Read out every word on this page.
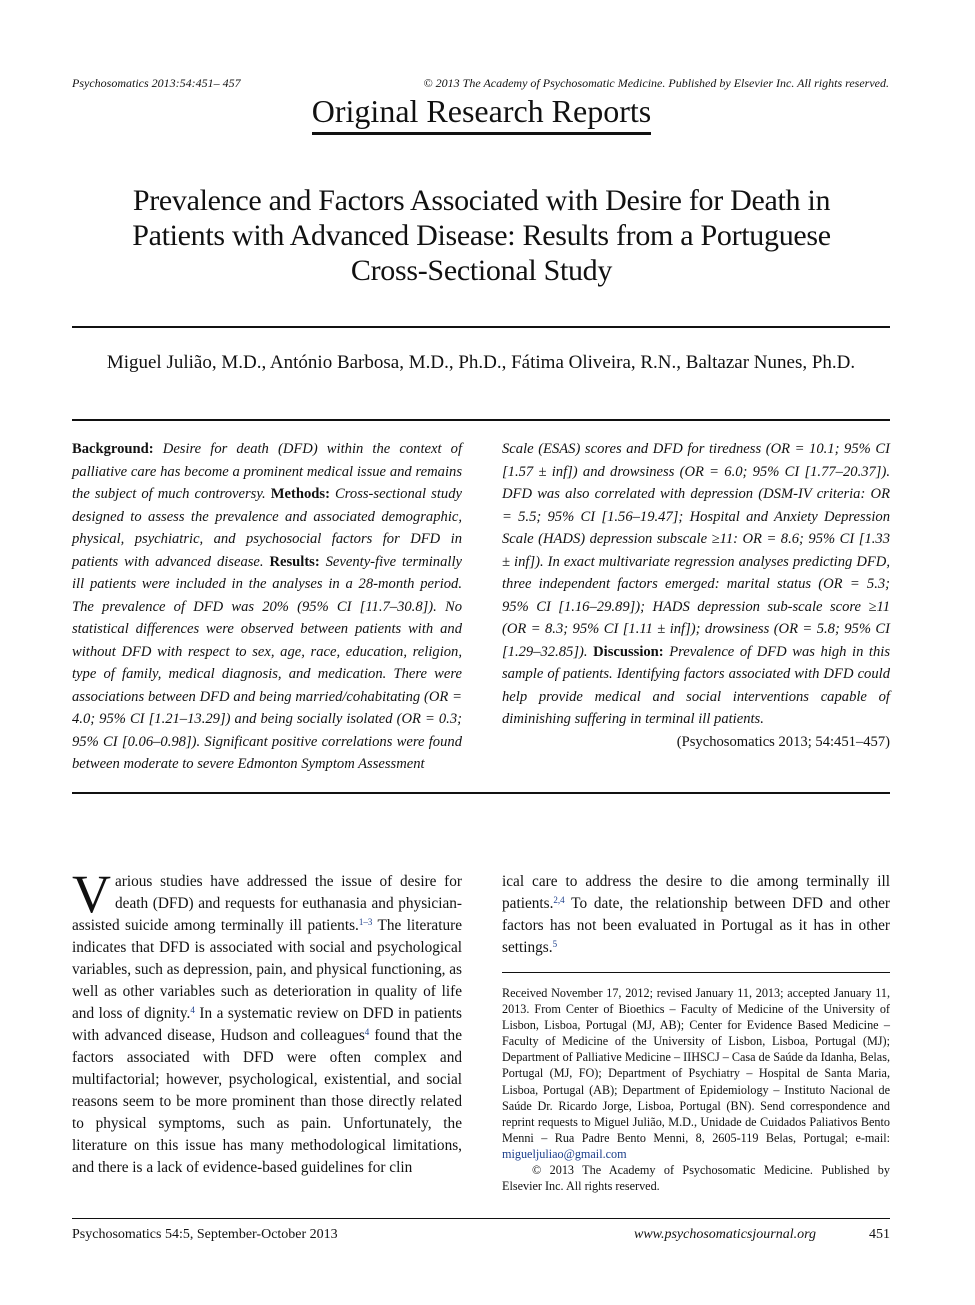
Psychosomatics 2013:54:451– 457	© 2013 The Academy of Psychosomatic Medicine. Published by Elsevier Inc. All rights reserved.
Original Research Reports
Prevalence and Factors Associated with Desire for Death in Patients with Advanced Disease: Results from a Portuguese Cross-Sectional Study
Miguel Julião, M.D., António Barbosa, M.D., Ph.D., Fátima Oliveira, R.N., Baltazar Nunes, Ph.D.
Background: Desire for death (DFD) within the context of palliative care has become a prominent medical issue and remains the subject of much controversy. Methods: Cross-sectional study designed to assess the prevalence and associated demographic, physical, psychiatric, and psychosocial factors for DFD in patients with advanced disease. Results: Seventy-five terminally ill patients were included in the analyses in a 28-month period. The prevalence of DFD was 20% (95% CI [11.7–30.8]). No statistical differences were observed between patients with and without DFD with respect to sex, age, race, education, religion, type of family, medical diagnosis, and medication. There were associations between DFD and being married/cohabitating (OR = 4.0; 95% CI [1.21–13.29]) and being socially isolated (OR = 0.3; 95% CI [0.06–0.98]). Significant positive correlations were found between moderate to severe Edmonton Symptom Assessment
Scale (ESAS) scores and DFD for tiredness (OR = 10.1; 95% CI [1.57 ± inf]) and drowsiness (OR = 6.0; 95% CI [1.77–20.37]). DFD was also correlated with depression (DSM-IV criteria: OR = 5.5; 95% CI [1.56–19.47]; Hospital and Anxiety Depression Scale (HADS) depression subscale ≥11: OR = 8.6; 95% CI [1.33 ± inf]). In exact multivariate regression analyses predicting DFD, three independent factors emerged: marital status (OR = 5.3; 95% CI [1.16–29.89]); HADS depression sub-scale score ≥11 (OR = 8.3; 95% CI [1.11 ± inf]); drowsiness (OR = 5.8; 95% CI [1.29–32.85]). Discussion: Prevalence of DFD was high in this sample of patients. Identifying factors associated with DFD could help provide medical and social interventions capable of diminishing suffering in terminal ill patients.
(Psychosomatics 2013; 54:451–457)

Various studies have addressed the issue of desire for death (DFD) and requests for euthanasia and physician-assisted suicide among terminally ill patients.$^{1-3}$ The literature indicates that DFD is associated with social and psychological variables, such as depression, pain, and physical functioning, as well as other variables such as deterioration in quality of life and loss of dignity.$^4$ In a systematic review on DFD in patients with advanced disease, Hudson and colleagues$^4$ found that the factors associated with DFD were often complex and multifactorial; however, psychological, existential, and social reasons seem to be more prominent than those directly related to physical symptoms, such as pain. Unfortunately, the literature on this issue has many methodological limitations, and there is a lack of evidence-based guidelines for clin

ical care to address the desire to die among terminally ill patients.$^{2,4}$ To date, the relationship between DFD and other factors has not been evaluated in Portugal as it has in other settings.$^5$

Received November 17, 2012; revised January 11, 2013; accepted January 11, 2013. From Center of Bioethics – Faculty of Medicine of the University of Lisbon, Lisboa, Portugal (MJ, AB); Center for Evidence Based Medicine – Faculty of Medicine of the University of Lisbon, Lisboa, Portugal (MJ); Department of Palliative Medicine – IIHSCJ – Casa de Saúde da Idanha, Belas, Portugal (MJ, FO); Department of Psychiatry – Hospital de Santa Maria, Lisboa, Portugal (AB); Department of Epidemiology – Instituto Nacional de Saúde Dr. Ricardo Jorge, Lisboa, Portugal (BN). Send correspondence and reprint requests to Miguel Julião, M.D., Unidade de Cuidados Paliativos Bento Menni – Rua Padre Bento Menni, 8, 2605-119 Belas, Portugal; e-mail: migueljuliao@gmail.com

© 2013 The Academy of Psychosomatic Medicine. Published by Elsevier Inc. All rights reserved.

Psychosomatics 54:5, September-October 2013	www.psychosomaticsjournal.org	451
